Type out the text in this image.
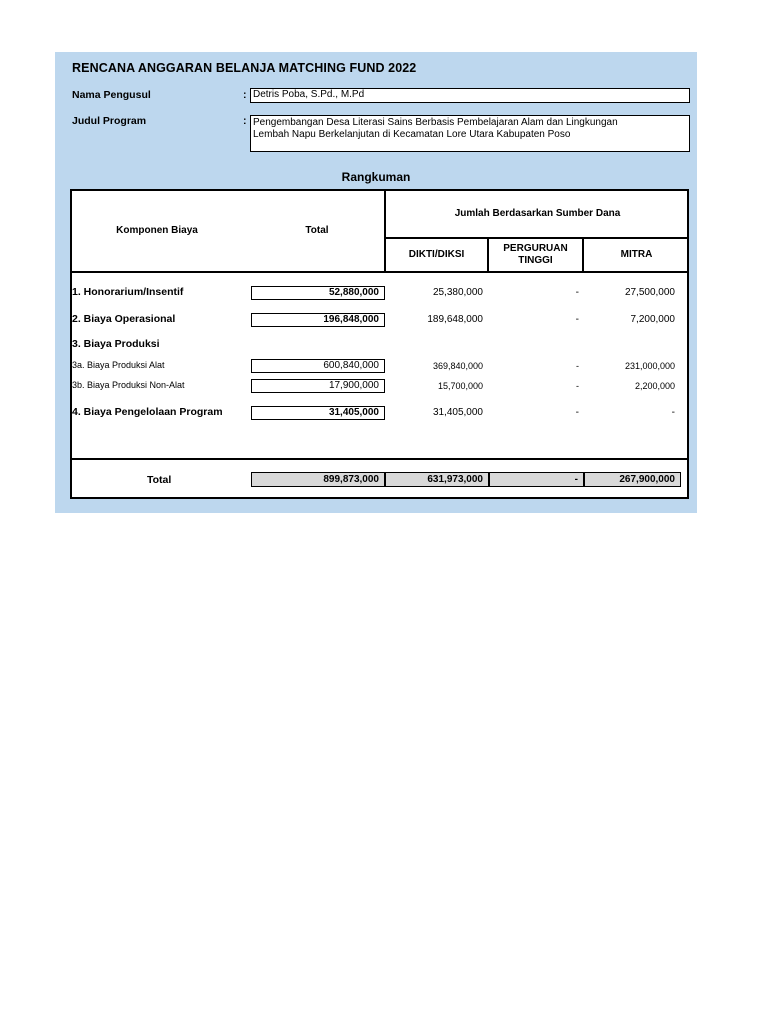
RENCANA ANGGARAN BELANJA MATCHING FUND 2022
Nama Pengusul	: Detris Poba, S.Pd., M.Pd
Judul Program	: Pengembangan Desa Literasi Sains Berbasis Pembelajaran Alam dan Lingkungan
Lembah Napu Berkelanjutan di Kecamatan Lore Utara Kabupaten Poso
Rangkuman
Komponen Biaya	Total
Jumlah Berdasarkan Sumber Dana
DIKTI/DIKSI
PERGURUAN
TINGGI
MITRA
1. Honorarium/Insentif	52,880,000	25,380,000	-	27,500,000
2. Biaya Operasional	196,848,000	189,648,000	-	7,200,000
3. Biaya Produksi
3a. Biaya Produksi Alat	600,840,000	369,840,000	-	231,000,000
3b. Biaya Produksi Non-Alat	17,900,000	15,700,000	-	2,200,000
4. Biaya Pengelolaan Program	31,405,000	31,405,000	-	-
Total	899,873,000	631,973,000	-	267,900,000
